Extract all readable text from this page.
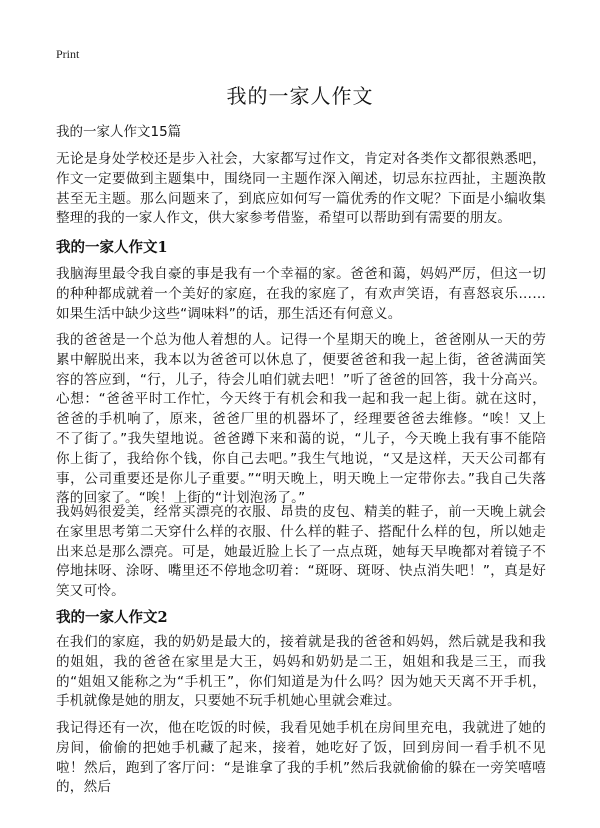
Print
我的一家人作文
我的一家人作文15篇

无论是身处学校还是步入社会，大家都写过作文，肯定对各类作文都很熟悉吧，作文一定要做到主题集中，围绕同一主题作深入阐述，切忌东拉西扯，主题涣散甚至无主题。那么问题来了，到底应如何写一篇优秀的作文呢？下面是小编收集整理的我的一家人作文，供大家参考借鉴，希望可以帮助到有需要的朋友。

我的一家人作文1

我脑海里最令我自豪的事是我有一个幸福的家。爸爸和蔼，妈妈严厉，但这一切的种种都成就着一个美好的家庭，在我的家庭了，有欢声笑语，有喜怒哀乐……如果生活中缺少这些“调味料”的话，那生活还有何意义。

我的爸爸是一个总为他人着想的人。记得一个星期天的晚上，爸爸刚从一天的劳累中解脱出来，我本以为爸爸可以休息了，便要爸爸和我一起上街，爸爸满面笑容的答应到，“行，儿子，待会儿咱们就去吧！”听了爸爸的回答，我十分高兴。心想：“爸爸平时工作忙，今天终于有机会和我一起和我一起上街。就在这时，爸爸的手机响了，原来，爸爸厂里的机器坏了，经理要爸爸去维修。“唉！又上不了街了。”我失望地说。爸爸蹲下来和蔼的说，“儿子，今天晚上我有事不能陪你上街了，我给你个钱，你自己去吧。”我生气地说，“又是这样，天天公司都有事，公司重要还是你儿子重要。”“明天晚上，明天晚上一定带你去。”我自己失落落的回家了。“唉！上街的“计划泡汤了。”

我妈妈很爱美，经常买漂亮的衣服、昂贵的皮包、精美的鞋子，前一天晚上就会在家里思考第二天穿什么样的衣服、什么样的鞋子、搭配什么样的包，所以她走出来总是那么漂亮。可是，她最近脸上长了一点点斑，她每天早晚都对着镜子不停地抹呀、涂呀、嘴里还不停地念叨着：“斑呀、斑呀、快点消失吧！”，真是好笑又可怜。

我的一家人作文2

在我们的家庭，我的奶奶是最大的，接着就是我的爸爸和妈妈，然后就是我和我的姐姐，我的爸爸在家里是大王，妈妈和奶奶是二王，姐姐和我是三王，而我的“姐姐又能称之为“手机王”，你们知道是为什么吗？因为她天天离不开手机，手机就像是她的朋友，只要她不玩手机她心里就会难过。

我记得还有一次，他在吃饭的时候，我看见她手机在房间里充电，我就进了她的房间，偷偷的把她手机藏了起来，接着，她吃好了饭，回到房间一看手机不见啦！然后，跑到了客厅问：“是谁拿了我的手机”然后我就偷偷的躲在一旁笑嘻嘻的，然后
